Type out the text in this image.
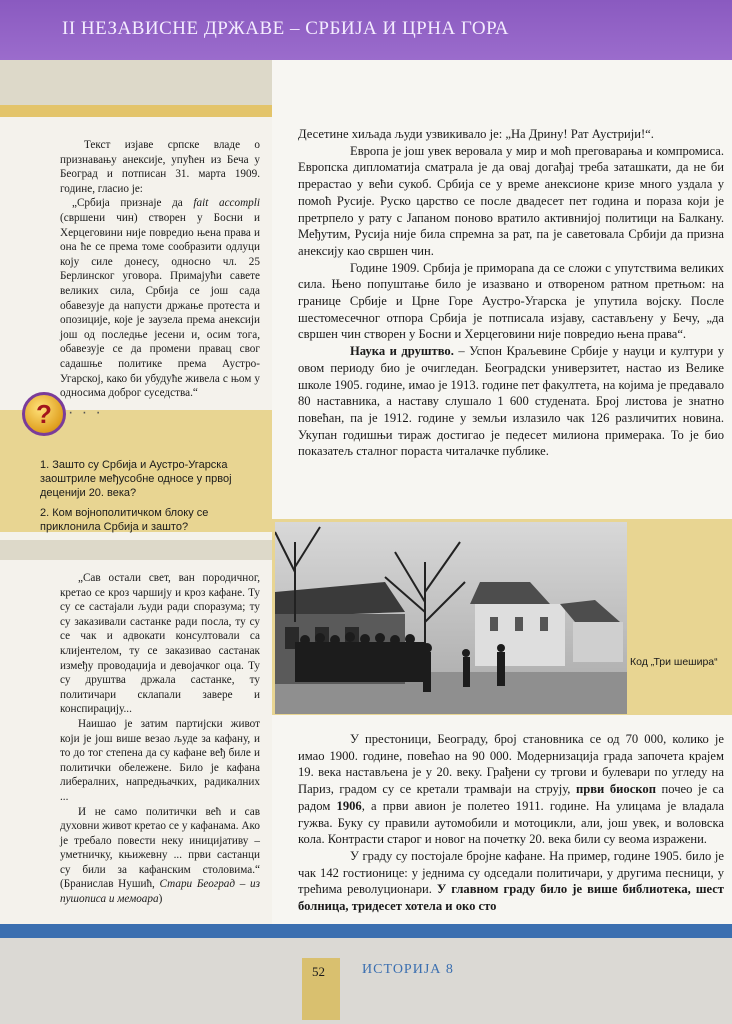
II НЕЗАВИСНЕ ДРЖАВЕ – СРБИЈА И ЦРНА ГОРА
Текст изјаве српске владе о признавању анексије, упућен из Беча у Београд и потписан 31. марта 1909. године, гласио је:
„Србија признаје да fait accompli (свршени чин) створен у Босни и Херцеговини није повредио њена права и она ће се према томе сообразити одлуци коју силе донесу, односно чл. 25 Берлинског уговора. Примајући савете великих сила, Србија се још сада обавезује да напусти држање протеста и опозиције, које је заузела према анексији још од последње јесени и, осим тога, обавезује се да промени правац свог садашње политике према Аустро-Угарској, како би убудуће живела с њом у односима доброг суседства.“
?	· · ·
1. Зашто су Србија и Аустро-Угарска заоштриле међусобне односе у првој деценији 20. века?
2. Ком војнополитичком блоку се приклонила Србија и зашто?
„Сав остали свет, ван породичног, кретао се кроз чаршију и кроз кафане. Ту су се састајали људи ради споразума; ту су заказивали састанке ради посла, ту су се чак и адвокати консултовали са клијентелом, ту се заказивао састанак између проводаџија и девојачког оца. Ту су друштва држала састанке, ту политичари склапали заверe и конспирацију...
Наишао је затим партијски живот који је још више везао људе за кафану, и то до тог степена да су кафане веђ биле и политички обележене. Било је кафана либералних, напредњачких, радикалних ...
И не само политички већ и сав духовни живот кретао се у кафанама. Ако је требало повести неку иницијативу – уметничку, књижевну ... први састанци су били за кафанским столовима.“ (Бранислав Нушић, Стари Београд – из пушописа и мемоара)

Десетине хиљада људи узвикивало је: „На Дрину! Рат Аустрији!“.

Европа је још увек веровала у мир и моћ преговарања и компромиса. Европска дипломатија сматрала је да овај догађај треба заташкати, да не би прерастао у већи сукоб. Србија се у време анексионе кризе много уздала у помоћ Русије. Руско царство се после двадесет пет година и пораза који је претрпело у рату с Јапаном поново вратило активнијој политици на Балкану. Међутим, Русија није била спремна за рат, па је саветовала Србији да призна анексију као свршен чин.

Године 1909. Србија је примораna да се сложи с упутствима великих сила. Њено попуштање било је изазвано и отвореном ратном претњом: на границе Србије и Црне Горе Аустро-Угарска је упутила војску. После шестомесечног отпора Србија је потписала изјаву, састављену у Бечу, „да свршен чин створен у Босни и Херцеговини није повредио њена права“.

Наука и друштво. – Успон Краљевине Србије у науци и култури у овом периоду био је очигледан. Београдски универзитет, настао из Велике школе 1905. године, имао је 1913. године пет факултета, на којима је предавало 80 наставника, а наставу слушало 1 600 студената. Број листова је знатно повећан, па је 1912. године у земљи излазило чак 126 различитих новина. Укупан годишњи тираж достигао је педесет милиона примерака. То је био показатељ сталног пораста читалачке публике.

Код „Три шешира“

У престоници, Београду, број становника се од 70 000, колико је имао 1900. године, повећао на 90 000. Модернизација града започета крајем 19. века настављена је у 20. веку. Грађени су тргови и булевари по угледу на Париз, градом су се кретали трамваји на струју, први биоскоп почео је са радом 1906, а први авион је полетео 1911. године. На улицама је владала гужва. Буку су правили аутомобили и мотоцикли, али, још увек, и воловска кола. Контрасти старог и новог на почетку 20. века били су веома изражени.

У граду су постојале бројне кафане. На пример, године 1905. било је чак 142 гостионице: у једнима су одседали политичари, у другима песници, у трећима револуционари. У главном граду било је више библиотека, шест болница, тридесет хотела и око сто

52	ИСТОРИЈА 8
